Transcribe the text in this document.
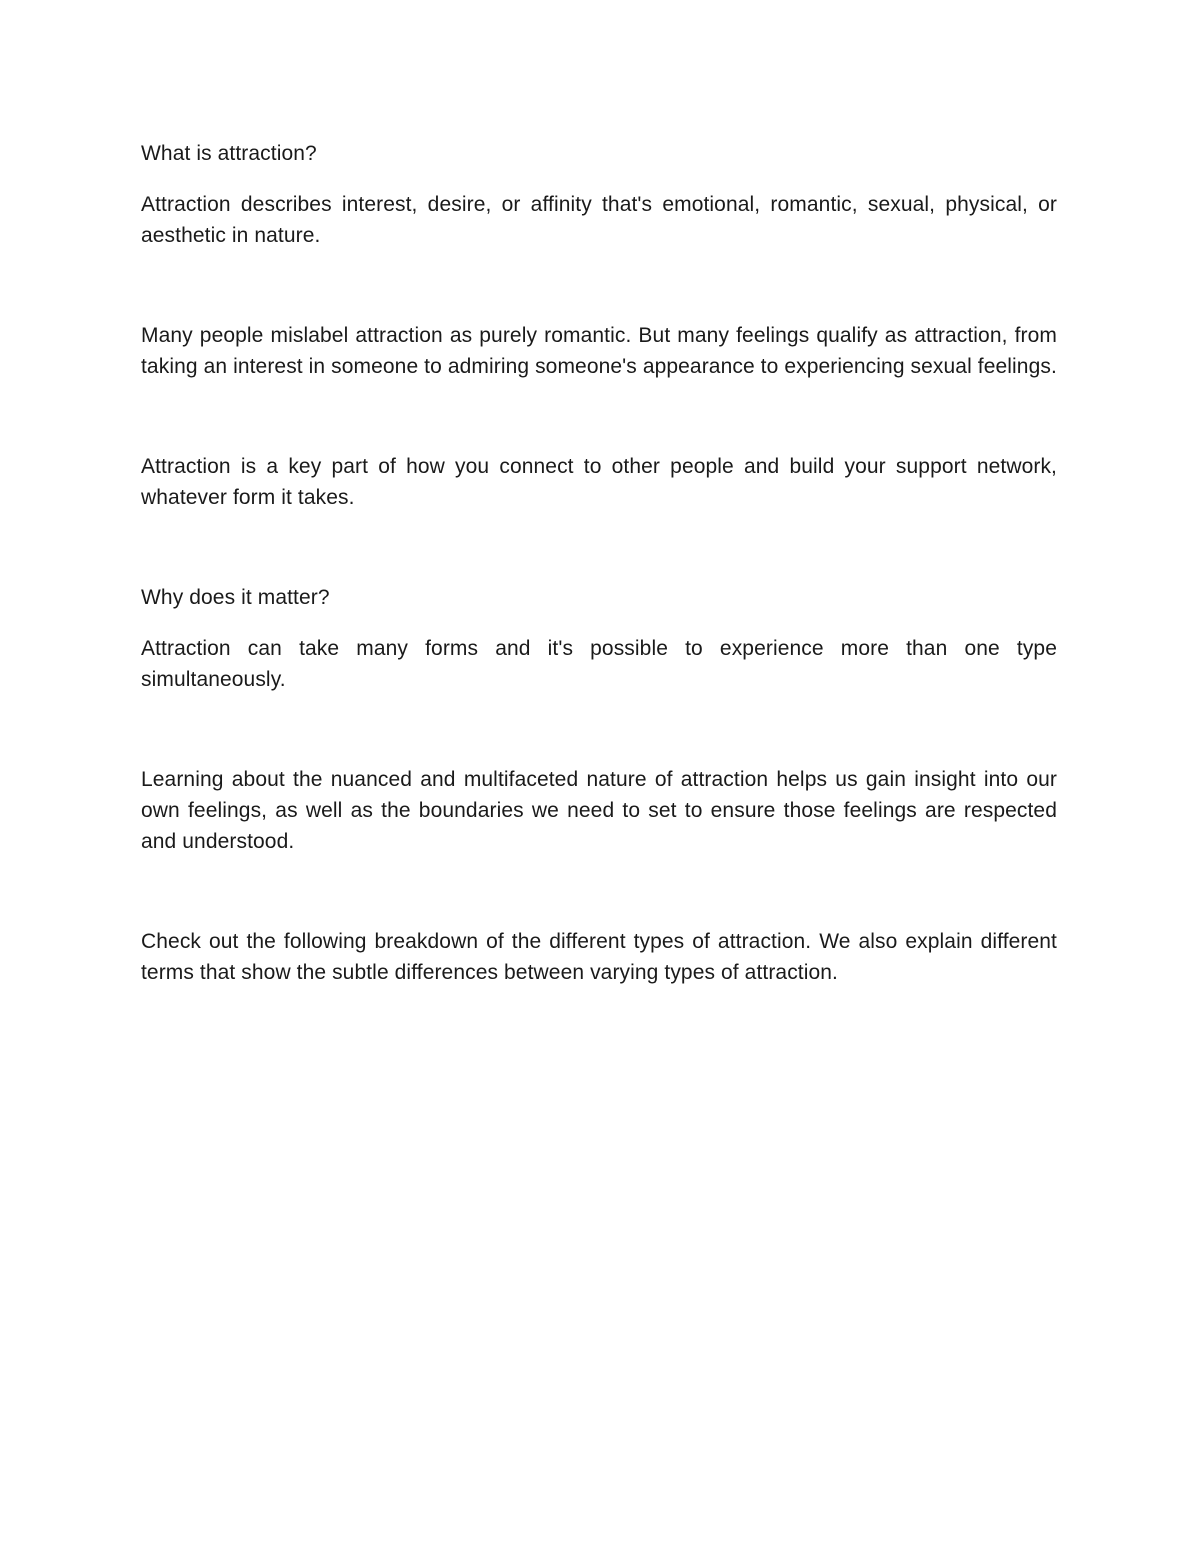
What is attraction?

Attraction describes interest, desire, or affinity that's emotional, romantic, sexual, physical, or aesthetic in nature.

Many people mislabel attraction as purely romantic. But many feelings qualify as attraction, from taking an interest in someone to admiring someone's appearance to experiencing sexual feelings.

Attraction is a key part of how you connect to other people and build your support network, whatever form it takes.

Why does it matter?

Attraction can take many forms and it's possible to experience more than one type simultaneously.

Learning about the nuanced and multifaceted nature of attraction helps us gain insight into our own feelings, as well as the boundaries we need to set to ensure those feelings are respected and understood.

Check out the following breakdown of the different types of attraction. We also explain different terms that show the subtle differences between varying types of attraction.
